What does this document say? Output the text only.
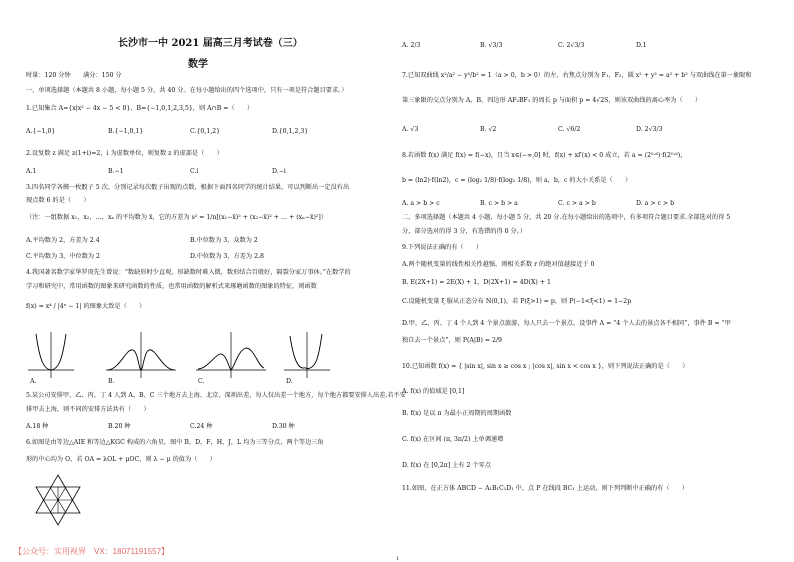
长沙市一中 2021 届高三月考试卷（三）
数学
时量：120 分钟　　满分：150 分
一、单项选择题（本题共 8 小题，每小题 5 分，共 40 分。在每小题给出的四个选项中，只有一项是符合题目要求。）
1.已知集合 A={x|x² − 4x − 5 < 0}，B={−1,0,1,2,3,5}，则 A∩B =（　　）
A.{−1,0}	B.{−1,0,1}	C.{0,1,2}	D.{0,1,2,3}
2.设复数 z 满足 z(1+i)=2，i 为虚数单位，则复数 z 的虚部是（　　）
A.1	B.−1	C.i	D.−i
3.四名同学各掷一枚骰子 5 次，分别记录每次骰子出现的点数，根据下面四名同学的统计结果，可以判断出一定没有出
现点数 6 的是（　　）
（注：一组数据 x₁，x₂，…，xₙ 的平均数为 x̄，它的方差为 s² = 1/n[(x₁−x̄)² + (x₂−x̄)² + … + (xₙ−x̄)²]）
A.平均数为 2，方差为 2.4	B.中位数为 3，众数为 2
C.平均数为 3，中位数为 2	D.中位数为 3，方差为 2.8
4.我国著名数学家华罗庚先生曾说：“数缺形时少直观，形缺数时难入微，数形结合百般好，隔裂分家万事休。”在数学的
学习和研究中，常用函数的图象来研究函数的性质，也常用函数的解析式来琢磨函数的图象的特征，则函数
f(x) = x⁴ / |4ˣ − 1| 的图象大致是（　　）
A.	B.	C.	D.
5.某公司安排甲、乙、丙、丁 4 人到 A、B、C 三个地方去上海、北京、深圳出差，每人仅出差一个地方，每个地方都要安排人出差.若不安
排甲去上海，则不同的安排方法共有（　　）
A.18 种	B.20 种	C.24 种	D.30 种
6.如图是由等边△AIE 和等边△KGC 构成的六角星，图中 B，D，F，H，J，L 均为三等分点，两个等边三角
形的中心均为 O，若 OA = λOL + μOC，则 λ − μ 的值为（　　）
A. 2/3	B. √3/3	C. 2√3/3	D.1
7.已知双曲线 x²/a² − y²/b² = 1（a > 0，b > 0）的左、右焦点分别为 F₁，F₂，圆 x² + y² = a² + b² 与双曲线在第一象限和
第三象限的交点分别为 A，B，四边形 AF₂BF₁ 的周长 p 与面积 p = 4√2S，则该双曲线的离心率为（　　）
A. √3	B. √2	C. √6/2	D. 2√3/3
8.若函数 f(x) 满足 f(x) = f(−x)，且当 x∈(−∞,0] 时，f(x) + xf′(x) < 0 成立，若 a = (2⁰·⁶)·f(2⁰·⁶)，
b = (ln2)·f(ln2)，c = (log₂ 1/8)·f(log₂ 1/8)，则 a，b，c 的大小关系是（　　）
A. a > b > c	B. c > b > a	C. c > a > b	D. a > c > b
二、多项选择题（本题共 4 小题，每小题 5 分，共 20 分.在每小题给出的选项中，有多项符合题目要求.全部选对的得 5
分，部分选对的得 3 分，有选错的得 0 分。）
9.下列说法正确的有（　　）
A.两个随机变量的线性相关性越强，则相关系数 r 的绝对值越接近于 0
B. E(2X+1) = 2E(X) + 1，D(2X+1) = 4D(X) + 1
C.设随机变量 ξ 服从正态分布 N(0,1)，若 P(ξ>1) = p，则 P(−1<ξ<1) = 1−2p
D.甲、乙、丙、丁 4 个人到 4 个景点旅游，每人只去一个景点，设事件 A = “4 个人去的景点各不相同”，事件 B = “甲
独自去一个景点”，则 P(A|B) = 2/9
10.已知函数 f(x) = { |sin x|, sin x ≥ cos x ; |cos x|, sin x < cos x }，则下列说法正确的是（　　）
A. f(x) 的值域是 [0,1]
B. f(x) 是以 π 为最小正周期的周期函数
C. f(x) 在区间 (π, 3π/2) 上单调递增
D. f(x) 在 [0,2π] 上有 2 个零点
11.如图，在正方体 ABCD − A₁B₁C₁D₁ 中，点 P 在线段 BC₁ 上运动，则下列判断中正确的有（　　）
【公众号：实用视界　VX：18071191557】
1
